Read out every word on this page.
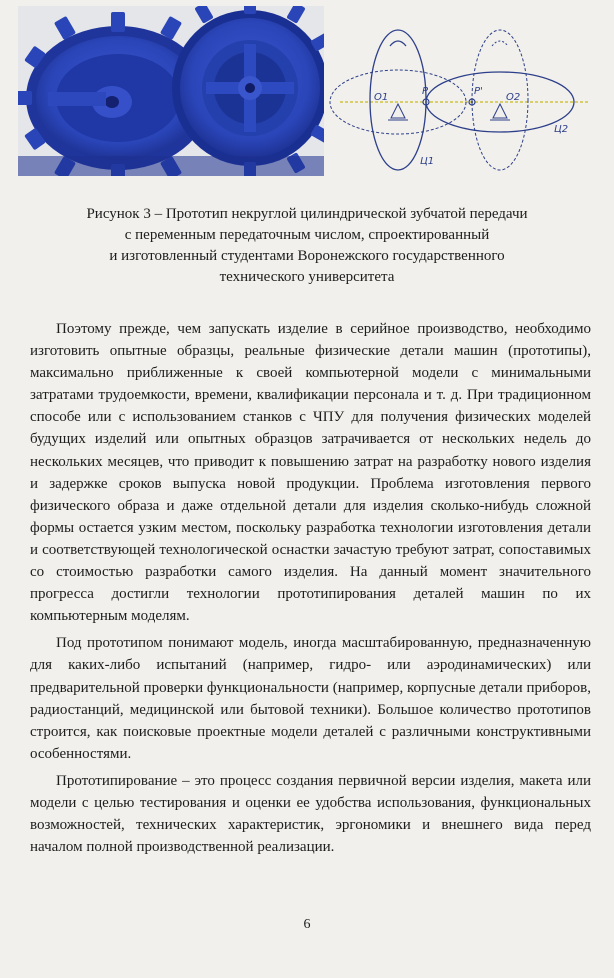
O1
P	P'
O2
Ц1
Ц2
Рисунок 3 – Прототип некруглой цилиндрической зубчатой передачи
с переменным передаточным числом, спроектированный
и изготовленный студентами Воронежского государственного
технического университета

Поэтому прежде, чем запускать изделие в серийное производство, необходимо изготовить опытные образцы, реальные физические детали машин (прототипы), максимально приближенные к своей компьютерной модели с минимальными затратами трудоемкости, времени, квалификации персонала и т. д. При традиционном способе или с использованием станков с ЧПУ для получения физических моделей будущих изделий или опытных образцов затрачивается от нескольких недель до нескольких месяцев, что приводит к повышению затрат на разработку нового изделия и задержке сроков выпуска новой продукции. Проблема изготовления первого физического образа и даже отдельной детали для изделия сколько-нибудь сложной формы остается узким местом, поскольку разработка технологии изготовления детали и соответствующей технологической оснастки зачастую требуют затрат, сопоставимых со стоимостью разработки самого изделия. На данный момент значительного прогресса достигли технологии прототипирования деталей машин по их компьютерным моделям.

Под прототипом понимают модель, иногда масштабированную, предназначенную для каких-либо испытаний (например, гидро- или аэродинамических) или предварительной проверки функциональности (например, корпусные детали приборов, радиостанций, медицинской или бытовой техники). Большое количество прототипов строится, как поисковые проектные модели деталей с различными конструктивными особенностями.

Прототипирование – это процесс создания первичной версии изделия, макета или модели с целью тестирования и оценки ее удобства использования, функциональных возможностей, технических характеристик, эргономики и внешнего вида перед началом полной производственной реализации.

6
